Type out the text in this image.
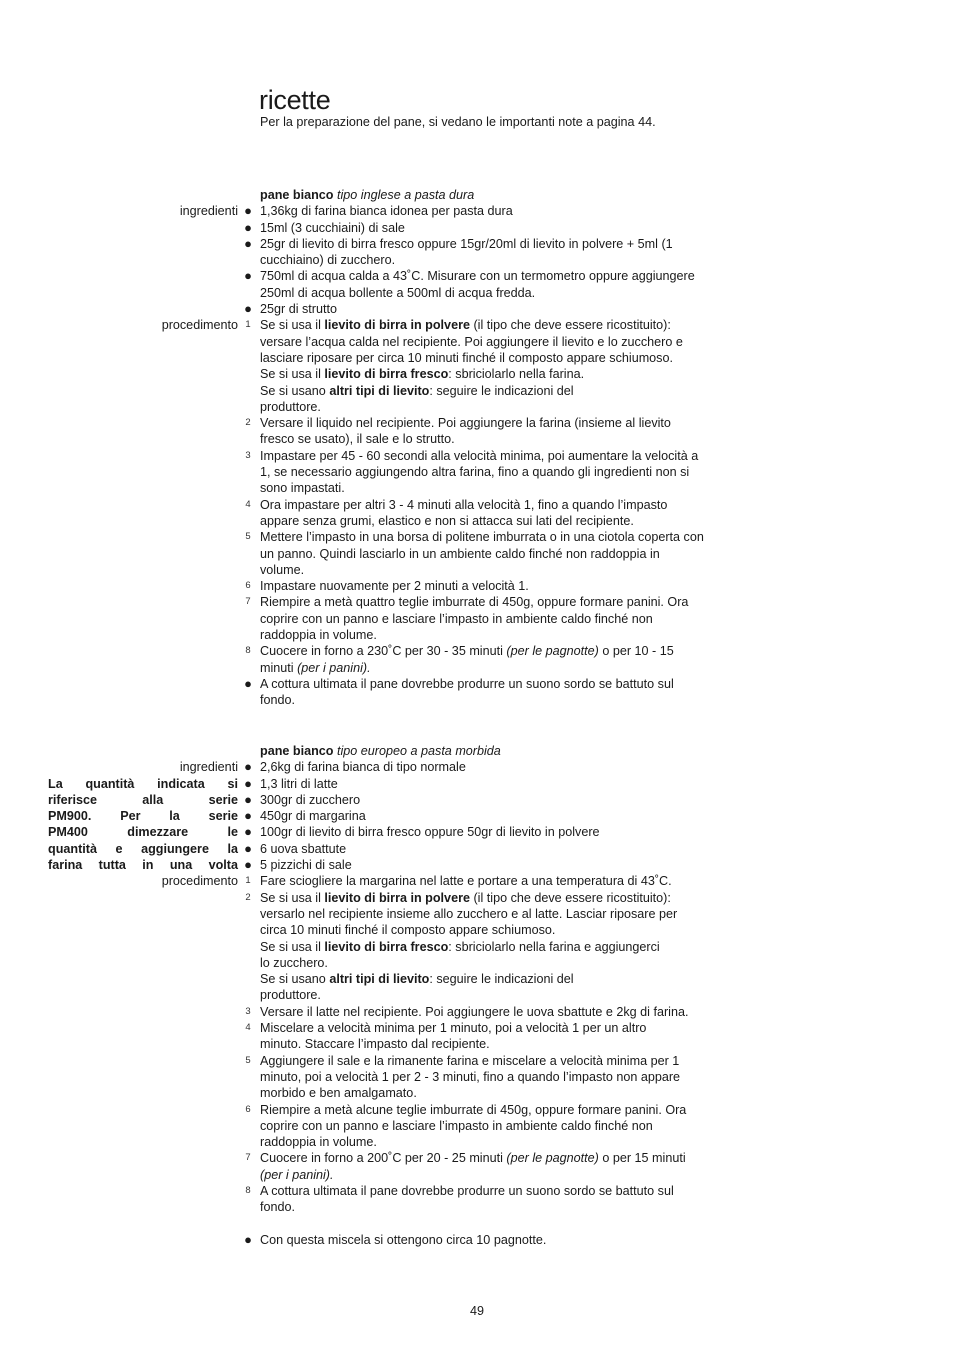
ricette

Per la preparazione del pane, si vedano le importanti note a pagina 44.

pane bianco tipo inglese a pasta dura
ingredienti ● 1,36kg di farina bianca idonea per pasta dura
● 15ml (3 cucchiaini) di sale
● 25gr di lievito di birra fresco oppure 15gr/20ml di lievito in polvere + 5ml (1 cucchiaino) di zucchero.
● 750ml di acqua calda a 43˚C. Misurare con un termometro oppure aggiungere 250ml di acqua bollente a 500ml di acqua fredda.
● 25gr di strutto
procedimento 1 Se si usa il lievito di birra in polvere (il tipo che deve essere ricostituito): versare l’acqua calda nel recipiente. Poi aggiungere il lievito e lo zucchero e lasciare riposare per circa 10 minuti finché il composto appare schiumoso.
Se si usa il lievito di birra fresco: sbriciolarlo nella farina.
Se si usano altri tipi di lievito: seguire le indicazioni del produttore.
2 Versare il liquido nel recipiente. Poi aggiungere la farina (insieme al lievito fresco se usato), il sale e lo strutto.
3 Impastare per 45 - 60 secondi alla velocità minima, poi aumentare la velocità a 1, se necessario aggiungendo altra farina, fino a quando gli ingredienti non si sono impastati.
4 Ora impastare per altri 3 - 4 minuti alla velocità 1, fino a quando l’impasto appare senza grumi, elastico e non si attacca sui lati del recipiente.
5 Mettere l’impasto in una borsa di politene imburrata o in una ciotola coperta con un panno. Quindi lasciarlo in un ambiente caldo finché non raddoppia in volume.
6 Impastare nuovamente per 2 minuti a velocità 1.
7 Riempire a metà quattro teglie imburrate di 450g, oppure formare panini. Ora coprire con un panno e lasciare l’impasto in ambiente caldo finché non raddoppia in volume.
8 Cuocere in forno a 230˚C per 30 - 35 minuti (per le pagnotte) o per 10 - 15 minuti (per i panini).
● A cottura ultimata il pane dovrebbe produrre un suono sordo se battuto sul fondo.
pane bianco tipo europeo a pasta morbida
ingredienti ● 2,6kg di farina bianca di tipo normale
La quantità indicata si ● 1,3 litri di latte
riferisce alla serie ● 300gr di zucchero
PM900. Per la serie ● 450gr di margarina
PM400 dimezzare le ● 100gr di lievito di birra fresco oppure 50gr di lievito in polvere
quantità e aggiungere la ● 6 uova sbattute
farina tutta in una volta ● 5 pizzichi di sale
procedimento 1 Fare sciogliere la margarina nel latte e portare a una temperatura di 43˚C.
2 Se si usa il lievito di birra in polvere (il tipo che deve essere ricostituito): versarlo nel recipiente insieme allo zucchero e al latte. Lasciar riposare per circa 10 minuti finché il composto appare schiumoso.
Se si usa il lievito di birra fresco: sbriciolarlo nella farina e aggiungerci lo zucchero.
Se si usano altri tipi di lievito: seguire le indicazioni del produttore.
3 Versare il latte nel recipiente. Poi aggiungere le uova sbattute e 2kg di farina.
4 Miscelare a velocità minima per 1 minuto, poi a velocità 1 per un altro minuto. Staccare l’impasto dal recipiente.
5 Aggiungere il sale e la rimanente farina e miscelare a velocità minima per 1 minuto, poi a velocità 1 per 2 - 3 minuti, fino a quando l’impasto non appare morbido e ben amalgamato.
6 Riempire a metà alcune teglie imburrate di 450g, oppure formare panini. Ora coprire con un panno e lasciare l’impasto in ambiente caldo finché non raddoppia in volume.
7 Cuocere in forno a 200˚C per 20 - 25 minuti (per le pagnotte) o per 15 minuti (per i panini).
8 A cottura ultimata il pane dovrebbe produrre un suono sordo se battuto sul fondo.
● Con questa miscela si ottengono circa 10 pagnotte.
49
